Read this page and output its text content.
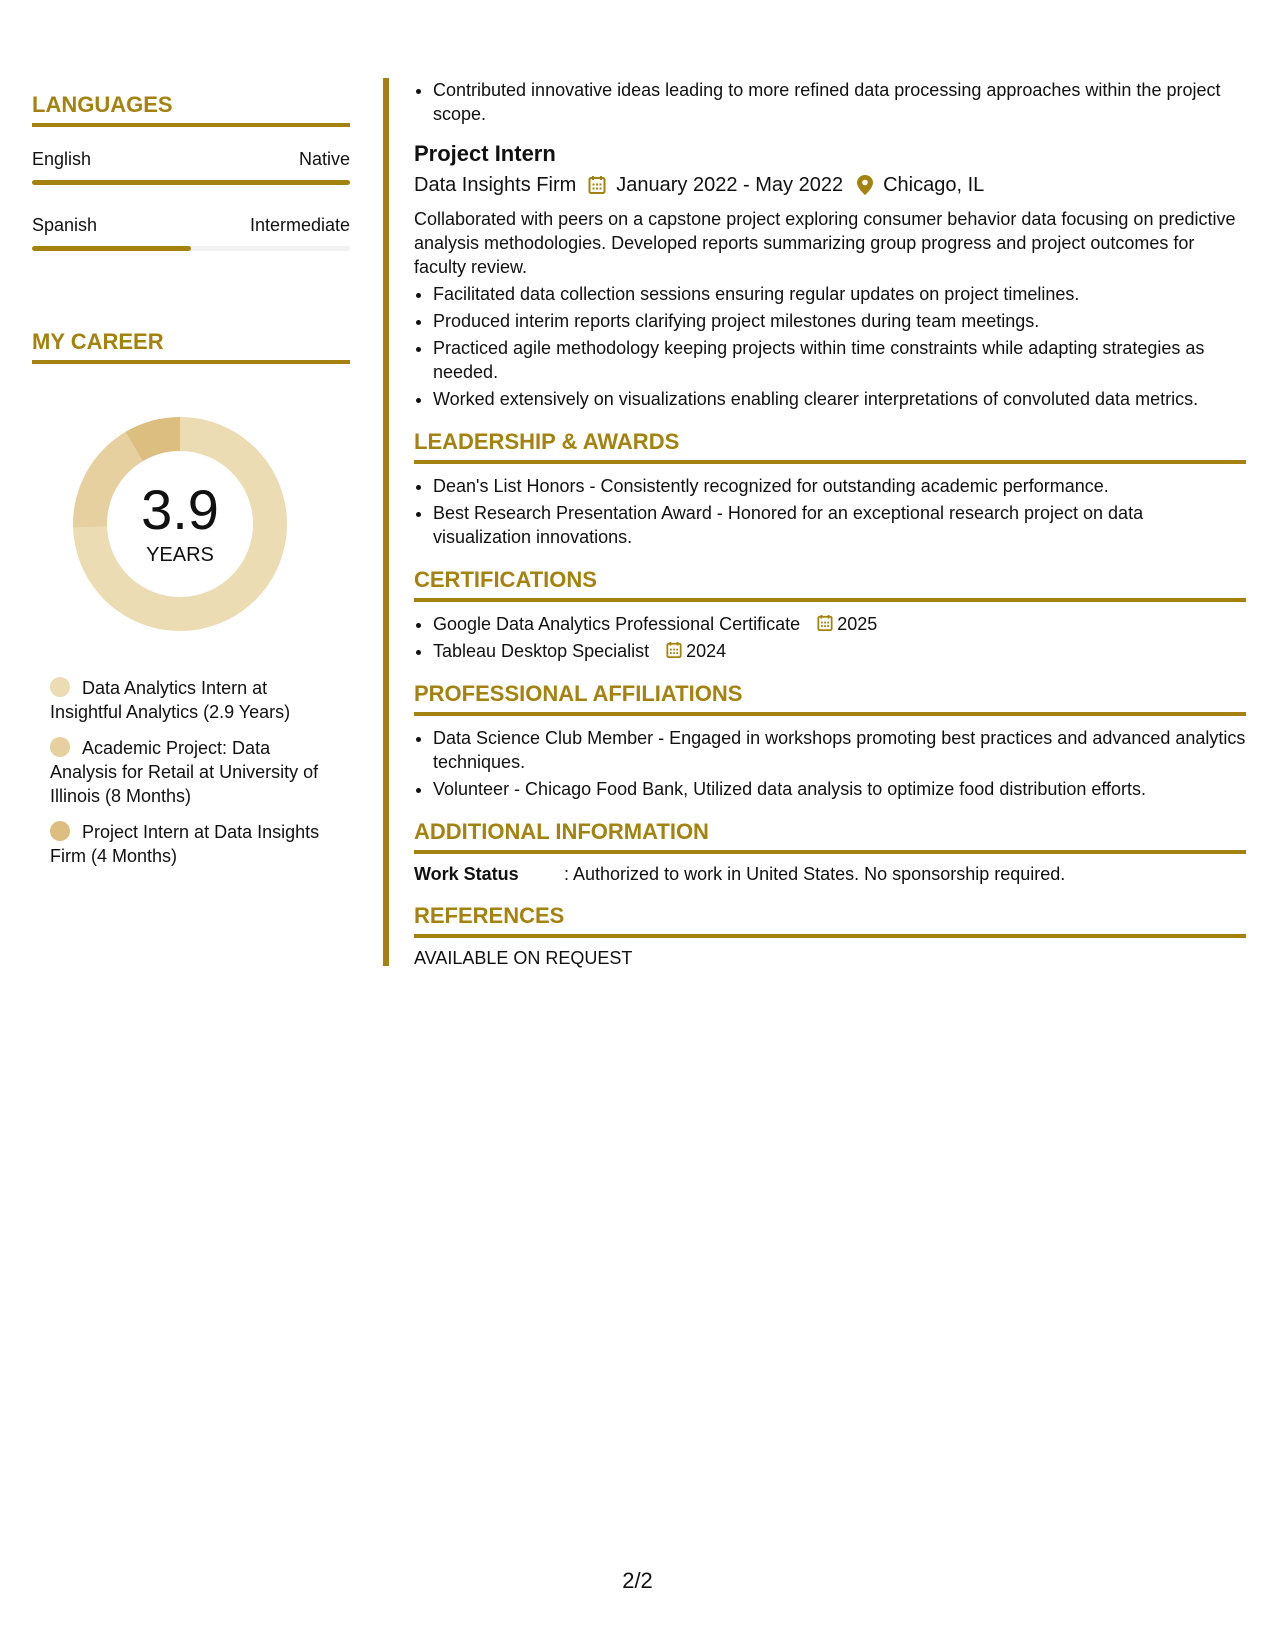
LANGUAGES
English	Native
Spanish	Intermediate
MY CAREER
3.9
YEARS
Data Analytics Intern at Insightful Analytics (2.9 Years)
Academic Project: Data Analysis for Retail at University of Illinois (8 Months)
Project Intern at Data Insights Firm (4 Months)
• Contributed innovative ideas leading to more refined data processing approaches within the project scope.
Project Intern
Data Insights Firm January 2022 - May 2022 Chicago, IL
Collaborated with peers on a capstone project exploring consumer behavior data focusing on predictive analysis methodologies. Developed reports summarizing group progress and project outcomes for faculty review.
• Facilitated data collection sessions ensuring regular updates on project timelines.
• Produced interim reports clarifying project milestones during team meetings.
• Practiced agile methodology keeping projects within time constraints while adapting strategies as needed.
• Worked extensively on visualizations enabling clearer interpretations of convoluted data metrics.
LEADERSHIP & AWARDS
• Dean's List Honors - Consistently recognized for outstanding academic performance.
• Best Research Presentation Award - Honored for an exceptional research project on data visualization innovations.
CERTIFICATIONS
• Google Data Analytics Professional Certificate 2025
• Tableau Desktop Specialist 2024
PROFESSIONAL AFFILIATIONS
• Data Science Club Member - Engaged in workshops promoting best practices and advanced analytics techniques.
• Volunteer - Chicago Food Bank, Utilized data analysis to optimize food distribution efforts.
ADDITIONAL INFORMATION
Work Status	: Authorized to work in United States. No sponsorship required.
REFERENCES
AVAILABLE ON REQUEST
2/2
